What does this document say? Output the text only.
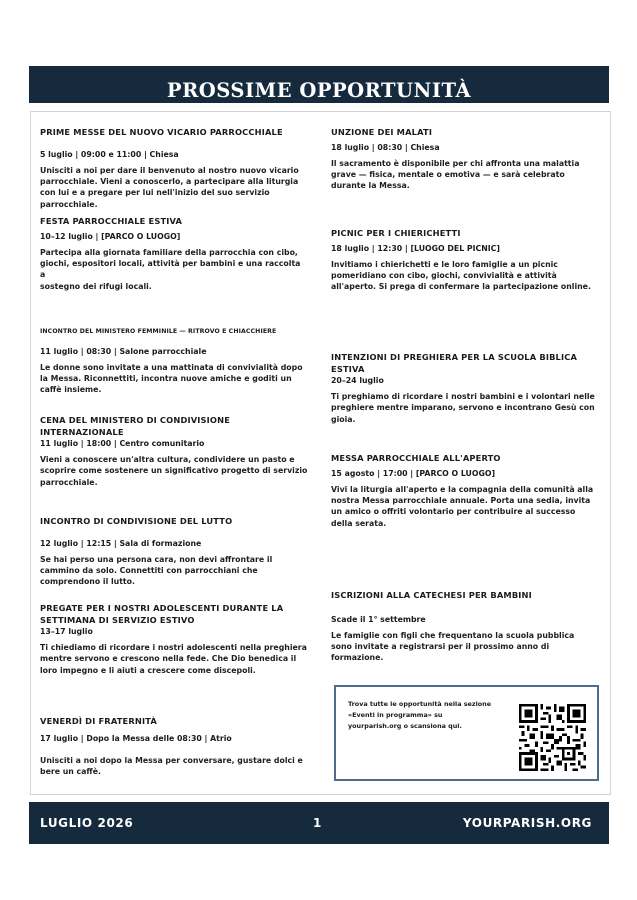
PROSSIME OPPORTUNITÀ
PRIME MESSE DEL NUOVO VICARIO PARROCCHIALE
5 luglio | 09:00 e 11:00 | Chiesa
Unisciti a noi per dare il benvenuto al nostro nuovo vicario
parrocchiale. Vieni a conoscerlo, a partecipare alla liturgia
con lui e a pregare per lui nell'inizio del suo servizio
parrocchiale.
FESTA PARROCCHIALE ESTIVA
10–12 luglio | [PARCO O LUOGO]
Partecipa alla giornata familiare della parrocchia con cibo,
giochi, espositori locali, attività per bambini e una raccolta
a
sostegno dei rifugi locali.
INCONTRO DEL MINISTERO FEMMINILE — RITROVO E CHIACCHIERE
11 luglio | 08:30 | Salone parrocchiale
Le donne sono invitate a una mattinata di convivialità dopo
la Messa. Riconnettiti, incontra nuove amiche e goditi un
caffè insieme.
CENA DEL MINISTERO DI CONDIVISIONE
INTERNAZIONALE
11 luglio | 18:00 | Centro comunitario
Vieni a conoscere un'altra cultura, condividere un pasto e
scoprire come sostenere un significativo progetto di servizio
parrocchiale.
INCONTRO DI CONDIVISIONE DEL LUTTO
12 luglio | 12:15 | Sala di formazione
Se hai perso una persona cara, non devi affrontare il
cammino da solo. Connettiti con parrocchiani che
comprendono il lutto.
PREGATE PER I NOSTRI ADOLESCENTI DURANTE LA
SETTIMANA DI SERVIZIO ESTIVO
13–17 luglio
Ti chiediamo di ricordare i nostri adolescenti nella preghiera
mentre servono e crescono nella fede. Che Dio benedica il
loro impegno e li aiuti a crescere come discepoli.
VENERDÌ DI FRATERNITÀ
17 luglio | Dopo la Messa delle 08:30 | Atrio
Unisciti a noi dopo la Messa per conversare, gustare dolci e
bere un caffè.
UNZIONE DEI MALATI
18 luglio | 08:30 | Chiesa
Il sacramento è disponibile per chi affronta una malattia
grave — fisica, mentale o emotiva — e sarà celebrato
durante la Messa.
PICNIC PER I CHIERICHETTI
18 luglio | 12:30 | [LUOGO DEL PICNIC]
Invitiamo i chierichetti e le loro famiglie a un picnic
pomeridiano con cibo, giochi, convivialità e attività
all'aperto. Si prega di confermare la partecipazione online.
INTENZIONI DI PREGHIERA PER LA SCUOLA BIBLICA
ESTIVA
20–24 luglio
Ti preghiamo di ricordare i nostri bambini e i volontari nelle
preghiere mentre imparano, servono e incontrano Gesù con
gioia.
MESSA PARROCCHIALE ALL'APERTO
15 agosto | 17:00 | [PARCO O LUOGO]
Vivi la liturgia all'aperto e la compagnia della comunità alla
nostra Messa parrocchiale annuale. Porta una sedia, invita
un amico o offriti volontario per contribuire al successo
della serata.
ISCRIZIONI ALLA CATECHESI PER BAMBINI
Scade il 1° settembre
Le famiglie con figli che frequentano la scuola pubblica
sono invitate a registrarsi per il prossimo anno di
formazione.
Trova tutte le opportunità nella sezione
«Eventi in programma» su
yourparish.org o scansiona qui.
LUGLIO 2026	1	YOURPARISH.ORG
